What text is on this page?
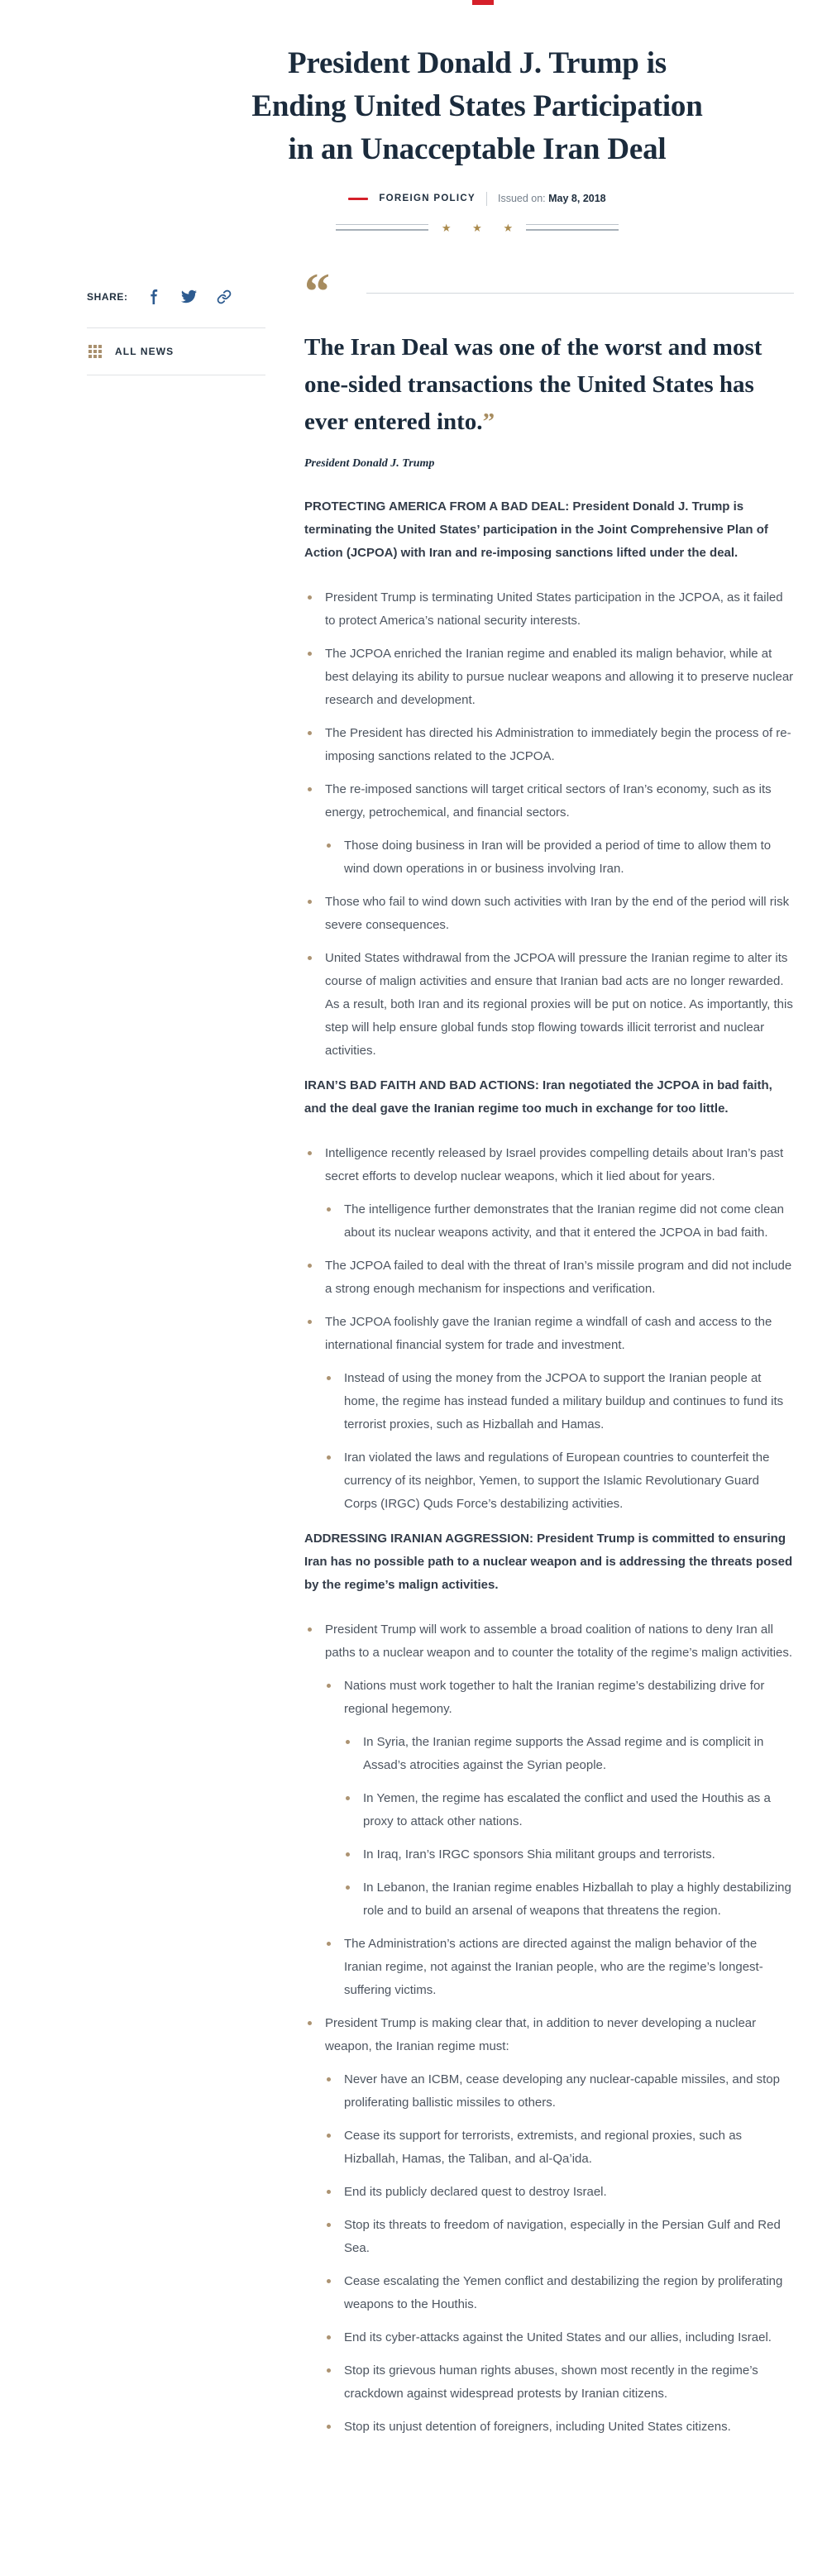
President Donald J. Trump is
Ending United States Participation
in an Unacceptable Iran Deal
FOREIGN POLICY Issued on: May 8, 2018
★ ★ ★
SHARE:
ALL NEWS
“
The Iran Deal was one of the worst and most one-sided transactions the United States has ever entered into.”
President Donald J. Trump

PROTECTING AMERICA FROM A BAD DEAL: President Donald J. Trump is terminating the United States’ participation in the Joint Comprehensive Plan of Action (JCPOA) with Iran and re-imposing sanctions lifted under the deal.

President Trump is terminating United States participation in the JCPOA, as it failed to protect America’s national security interests.
The JCPOA enriched the Iranian regime and enabled its malign behavior, while at best delaying its ability to pursue nuclear weapons and allowing it to preserve nuclear research and development.
The President has directed his Administration to immediately begin the process of re-imposing sanctions related to the JCPOA.
The re-imposed sanctions will target critical sectors of Iran’s economy, such as its energy, petrochemical, and financial sectors.
Those doing business in Iran will be provided a period of time to allow them to wind down operations in or business involving Iran.
Those who fail to wind down such activities with Iran by the end of the period will risk severe consequences.
United States withdrawal from the JCPOA will pressure the Iranian regime to alter its course of malign activities and ensure that Iranian bad acts are no longer rewarded. As a result, both Iran and its regional proxies will be put on notice. As importantly, this step will help ensure global funds stop flowing towards illicit terrorist and nuclear activities.

IRAN’S BAD FAITH AND BAD ACTIONS: Iran negotiated the JCPOA in bad faith, and the deal gave the Iranian regime too much in exchange for too little.

Intelligence recently released by Israel provides compelling details about Iran’s past secret efforts to develop nuclear weapons, which it lied about for years.
The intelligence further demonstrates that the Iranian regime did not come clean about its nuclear weapons activity, and that it entered the JCPOA in bad faith.
The JCPOA failed to deal with the threat of Iran’s missile program and did not include a strong enough mechanism for inspections and verification.
The JCPOA foolishly gave the Iranian regime a windfall of cash and access to the international financial system for trade and investment.
Instead of using the money from the JCPOA to support the Iranian people at home, the regime has instead funded a military buildup and continues to fund its terrorist proxies, such as Hizballah and Hamas.
Iran violated the laws and regulations of European countries to counterfeit the currency of its neighbor, Yemen, to support the Islamic Revolutionary Guard Corps (IRGC) Quds Force’s destabilizing activities.

ADDRESSING IRANIAN AGGRESSION: President Trump is committed to ensuring Iran has no possible path to a nuclear weapon and is addressing the threats posed by the regime’s malign activities.

President Trump will work to assemble a broad coalition of nations to deny Iran all paths to a nuclear weapon and to counter the totality of the regime’s malign activities.
Nations must work together to halt the Iranian regime’s destabilizing drive for regional hegemony.
In Syria, the Iranian regime supports the Assad regime and is complicit in Assad’s atrocities against the Syrian people.
In Yemen, the regime has escalated the conflict and used the Houthis as a proxy to attack other nations.
In Iraq, Iran’s IRGC sponsors Shia militant groups and terrorists.
In Lebanon, the Iranian regime enables Hizballah to play a highly destabilizing role and to build an arsenal of weapons that threatens the region.
The Administration’s actions are directed against the malign behavior of the Iranian regime, not against the Iranian people, who are the regime’s longest-suffering victims.
President Trump is making clear that, in addition to never developing a nuclear weapon, the Iranian regime must:
Never have an ICBM, cease developing any nuclear-capable missiles, and stop proliferating ballistic missiles to others.
Cease its support for terrorists, extremists, and regional proxies, such as Hizballah, Hamas, the Taliban, and al-Qa’ida.
End its publicly declared quest to destroy Israel.
Stop its threats to freedom of navigation, especially in the Persian Gulf and Red Sea.
Cease escalating the Yemen conflict and destabilizing the region by proliferating weapons to the Houthis.
End its cyber-attacks against the United States and our allies, including Israel.
Stop its grievous human rights abuses, shown most recently in the regime’s crackdown against widespread protests by Iranian citizens.
Stop its unjust detention of foreigners, including United States citizens.
